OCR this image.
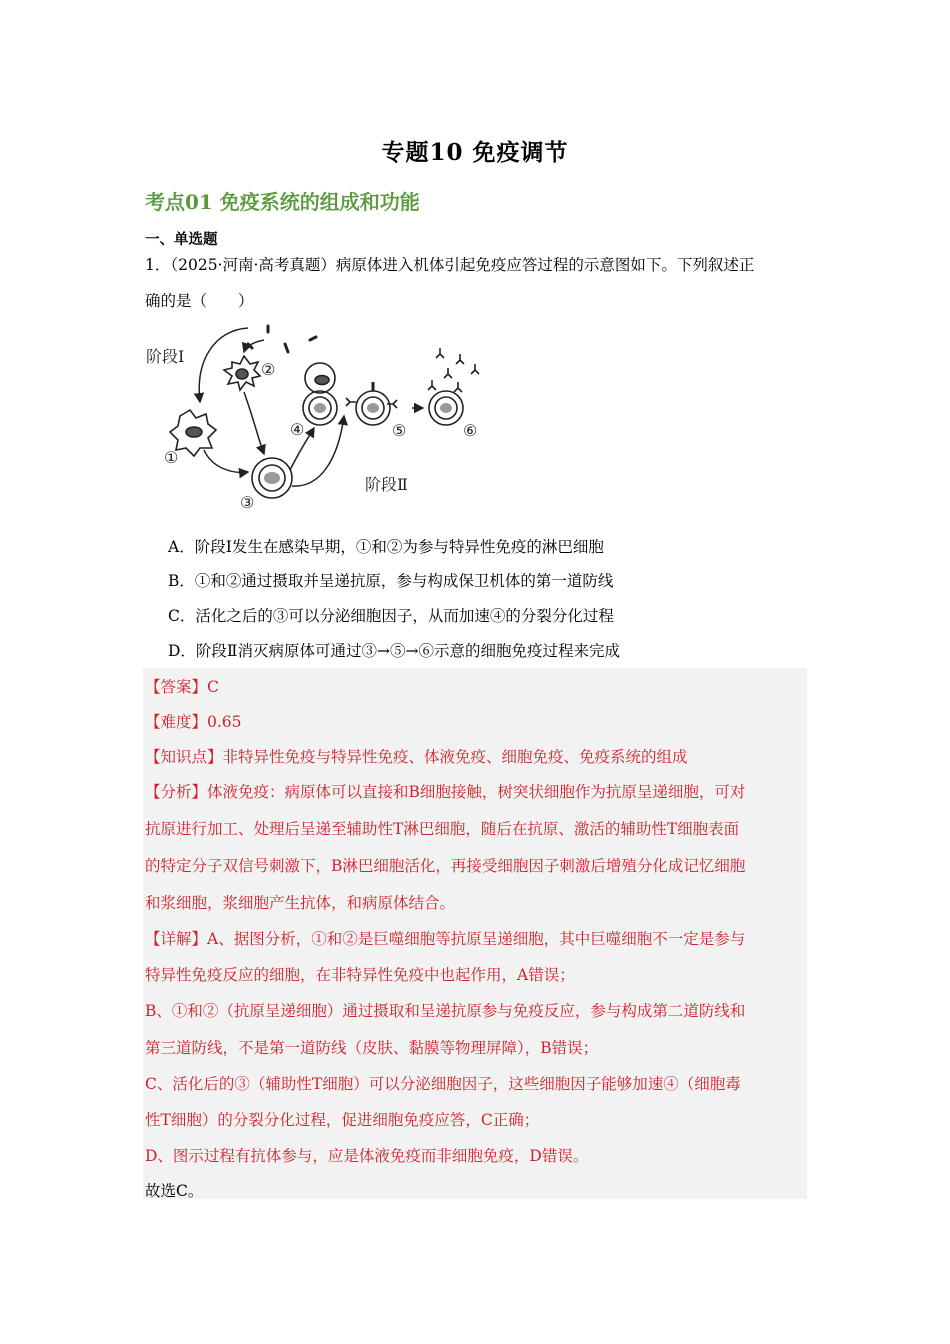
专题10 免疫调节
考点01 免疫系统的组成和功能
一、单选题
1．（2025·河南·高考真题）病原体进入机体引起免疫应答过程的示意图如下。下列叙述正
确的是（　　）
阶段Ⅰ
阶段Ⅱ
①
②
③
④	⑤	⑥
A．阶段Ⅰ发生在感染早期，①和②为参与特异性免疫的淋巴细胞
B．①和②通过摄取并呈递抗原，参与构成保卫机体的第一道防线
C．活化之后的③可以分泌细胞因子，从而加速④的分裂分化过程
D．阶段Ⅱ消灭病原体可通过③→⑤→⑥示意的细胞免疫过程来完成
【答案】C
【难度】0.65
【知识点】非特异性免疫与特异性免疫、体液免疫、细胞免疫、免疫系统的组成
【分析】体液免疫：病原体可以直接和B细胞接触，树突状细胞作为抗原呈递细胞，可对
抗原进行加工、处理后呈递至辅助性T淋巴细胞，随后在抗原、激活的辅助性T细胞表面
的特定分子双信号刺激下，B淋巴细胞活化，再接受细胞因子刺激后增殖分化成记忆细胞
和浆细胞，浆细胞产生抗体，和病原体结合。
【详解】A、据图分析，①和②是巨噬细胞等抗原呈递细胞，其中巨噬细胞不一定是参与
特异性免疫反应的细胞，在非特异性免疫中也起作用，A错误；
B、①和②（抗原呈递细胞）通过摄取和呈递抗原参与免疫反应，参与构成第二道防线和
第三道防线，不是第一道防线（皮肤、黏膜等物理屏障），B错误；
C、活化后的③（辅助性T细胞）可以分泌细胞因子，这些细胞因子能够加速④（细胞毒
性T细胞）的分裂分化过程，促进细胞免疫应答，C正确；
D、图示过程有抗体参与，应是体液免疫而非细胞免疫，D错误。
故选C。
